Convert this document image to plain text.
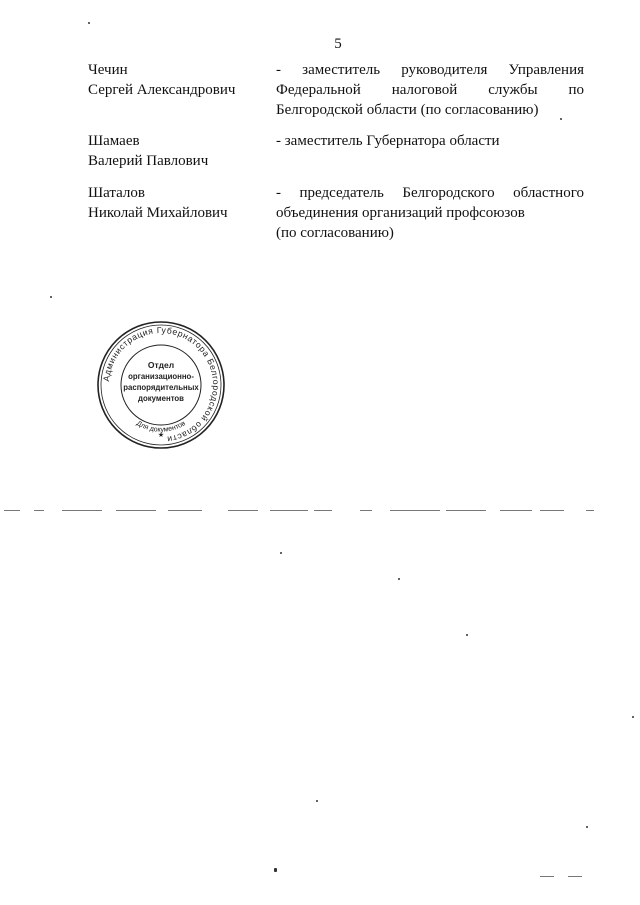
5
Чечин
Сергей Александрович
- заместитель руководителя Управления
Федеральной налоговой службы по
Белгородской области (по согласованию)
Шамаев
Валерий Павлович
- заместитель Губернатора области
Шаталов
Николай Михайлович
- председатель Белгородского областного
объединения организаций профсоюзов
(по согласованию)
Администрация Губернатора Белгородской области
Для документов
Отдел
организационно-
распорядительных
документов
★
